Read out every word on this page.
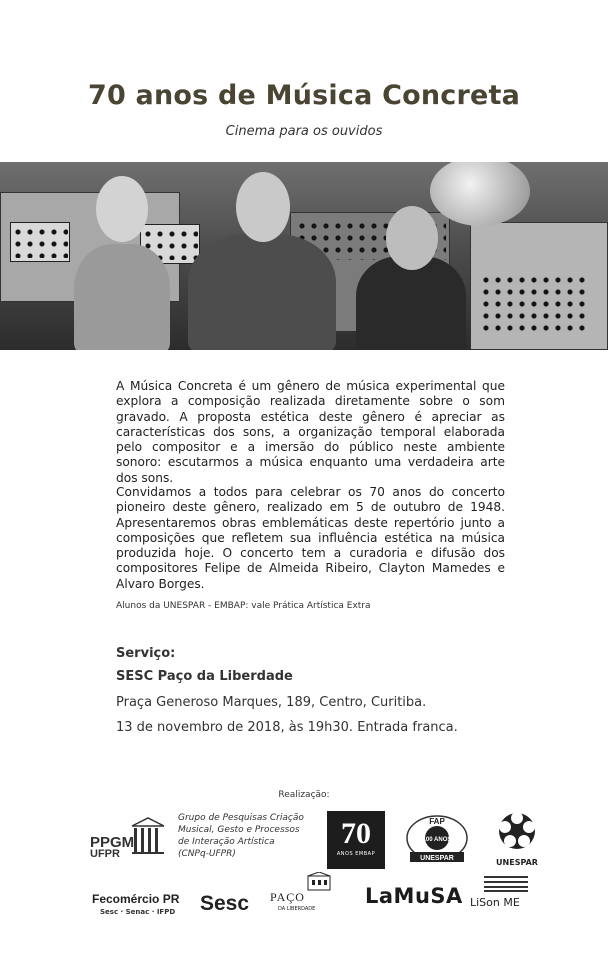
70 anos de Música Concreta
Cinema para os ouvidos

A Música Concreta é um gênero de música experimental que explora a composição realizada diretamente sobre o som gravado. A proposta estética deste gênero é apreciar as características dos sons, a organização temporal elaborada pelo compositor e a imersão do público neste ambiente sonoro: escutarmos a música enquanto uma verdadeira arte dos sons.

Convidamos a todos para celebrar os 70 anos do concerto pioneiro deste gênero, realizado em 5 de outubro de 1948. Apresentaremos obras emblemáticas deste repertório junto a composições que refletem sua influência estética na música produzida hoje. O concerto tem a curadoria e difusão dos compositores Felipe de Almeida Ribeiro, Clayton Mamedes e Alvaro Borges.

Alunos da UNESPAR - EMBAP: vale Prática Artística Extra
Serviço:
SESC Paço da Liberdade
Praça Generoso Marques, 189, Centro, Curitiba.
13 de novembro de 2018, às 19h30. Entrada franca.
Realização:
PPGM
UFPR
Grupo de Pesquisas Criação Musical, Gesto e Processos de Interação Artística (CNPq-UFPR)
70
ANOS EMBAP
FAP
100 ANOS
UNESPAR	UNESPAR
Fecomércio PR
Sesc · Senac · IFPD	Sesc PAÇO
DA LIBERDADE
LaMuSA LiSon ME
